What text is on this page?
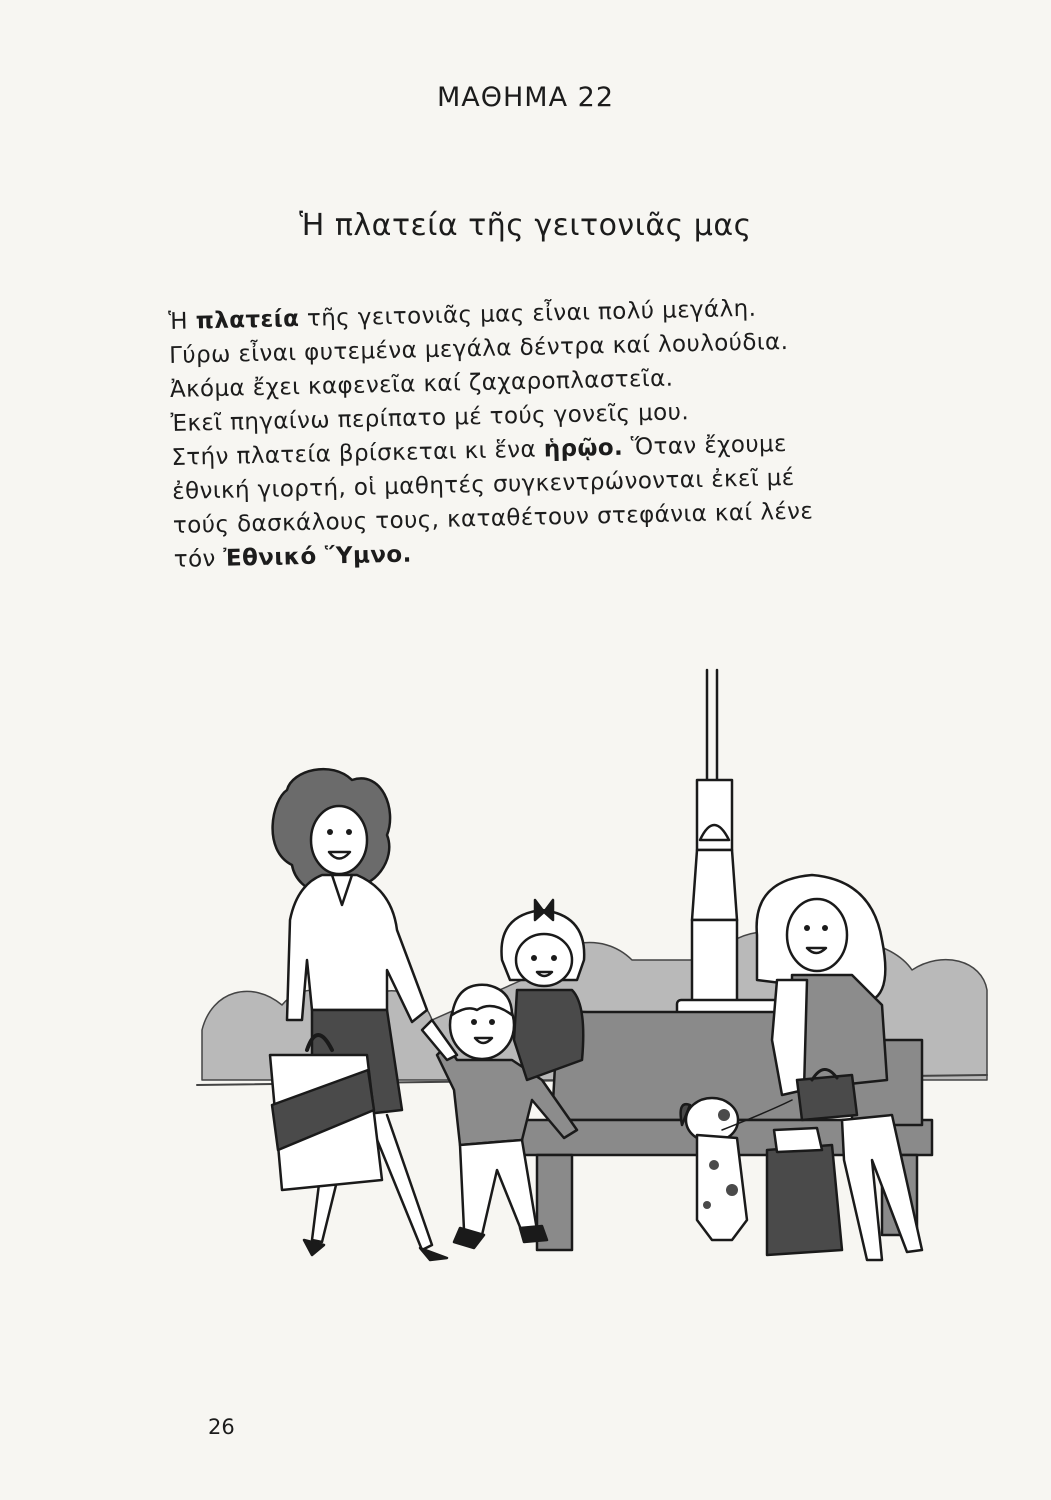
ΜΑΘΗΜΑ 22
Ἡ πλατεία τῆς γειτονιᾶς μας

Ἡ πλατεία τῆς γειτονιᾶς μας εἶναι πολύ μεγάλη.
Γύρω εἶναι φυτεμένα μεγάλα δέντρα καί λουλούδια.
Ἀκόμα ἔχει καφενεῖα καί ζαχαροπλαστεῖα.
Ἐκεῖ πηγαίνω περίπατο μέ τούς γονεῖς μου.
Στήν πλατεία βρίσκεται κι ἕνα ἡρῷο. Ὅταν ἔχουμε
ἐθνική γιορτή, οἱ μαθητές συγκεντρώνονται ἐκεῖ μέ
τούς δασκάλους τους, καταθέτουν στεφάνια καί λένε
τόν Ἐθνικό Ὕμνο.

26
